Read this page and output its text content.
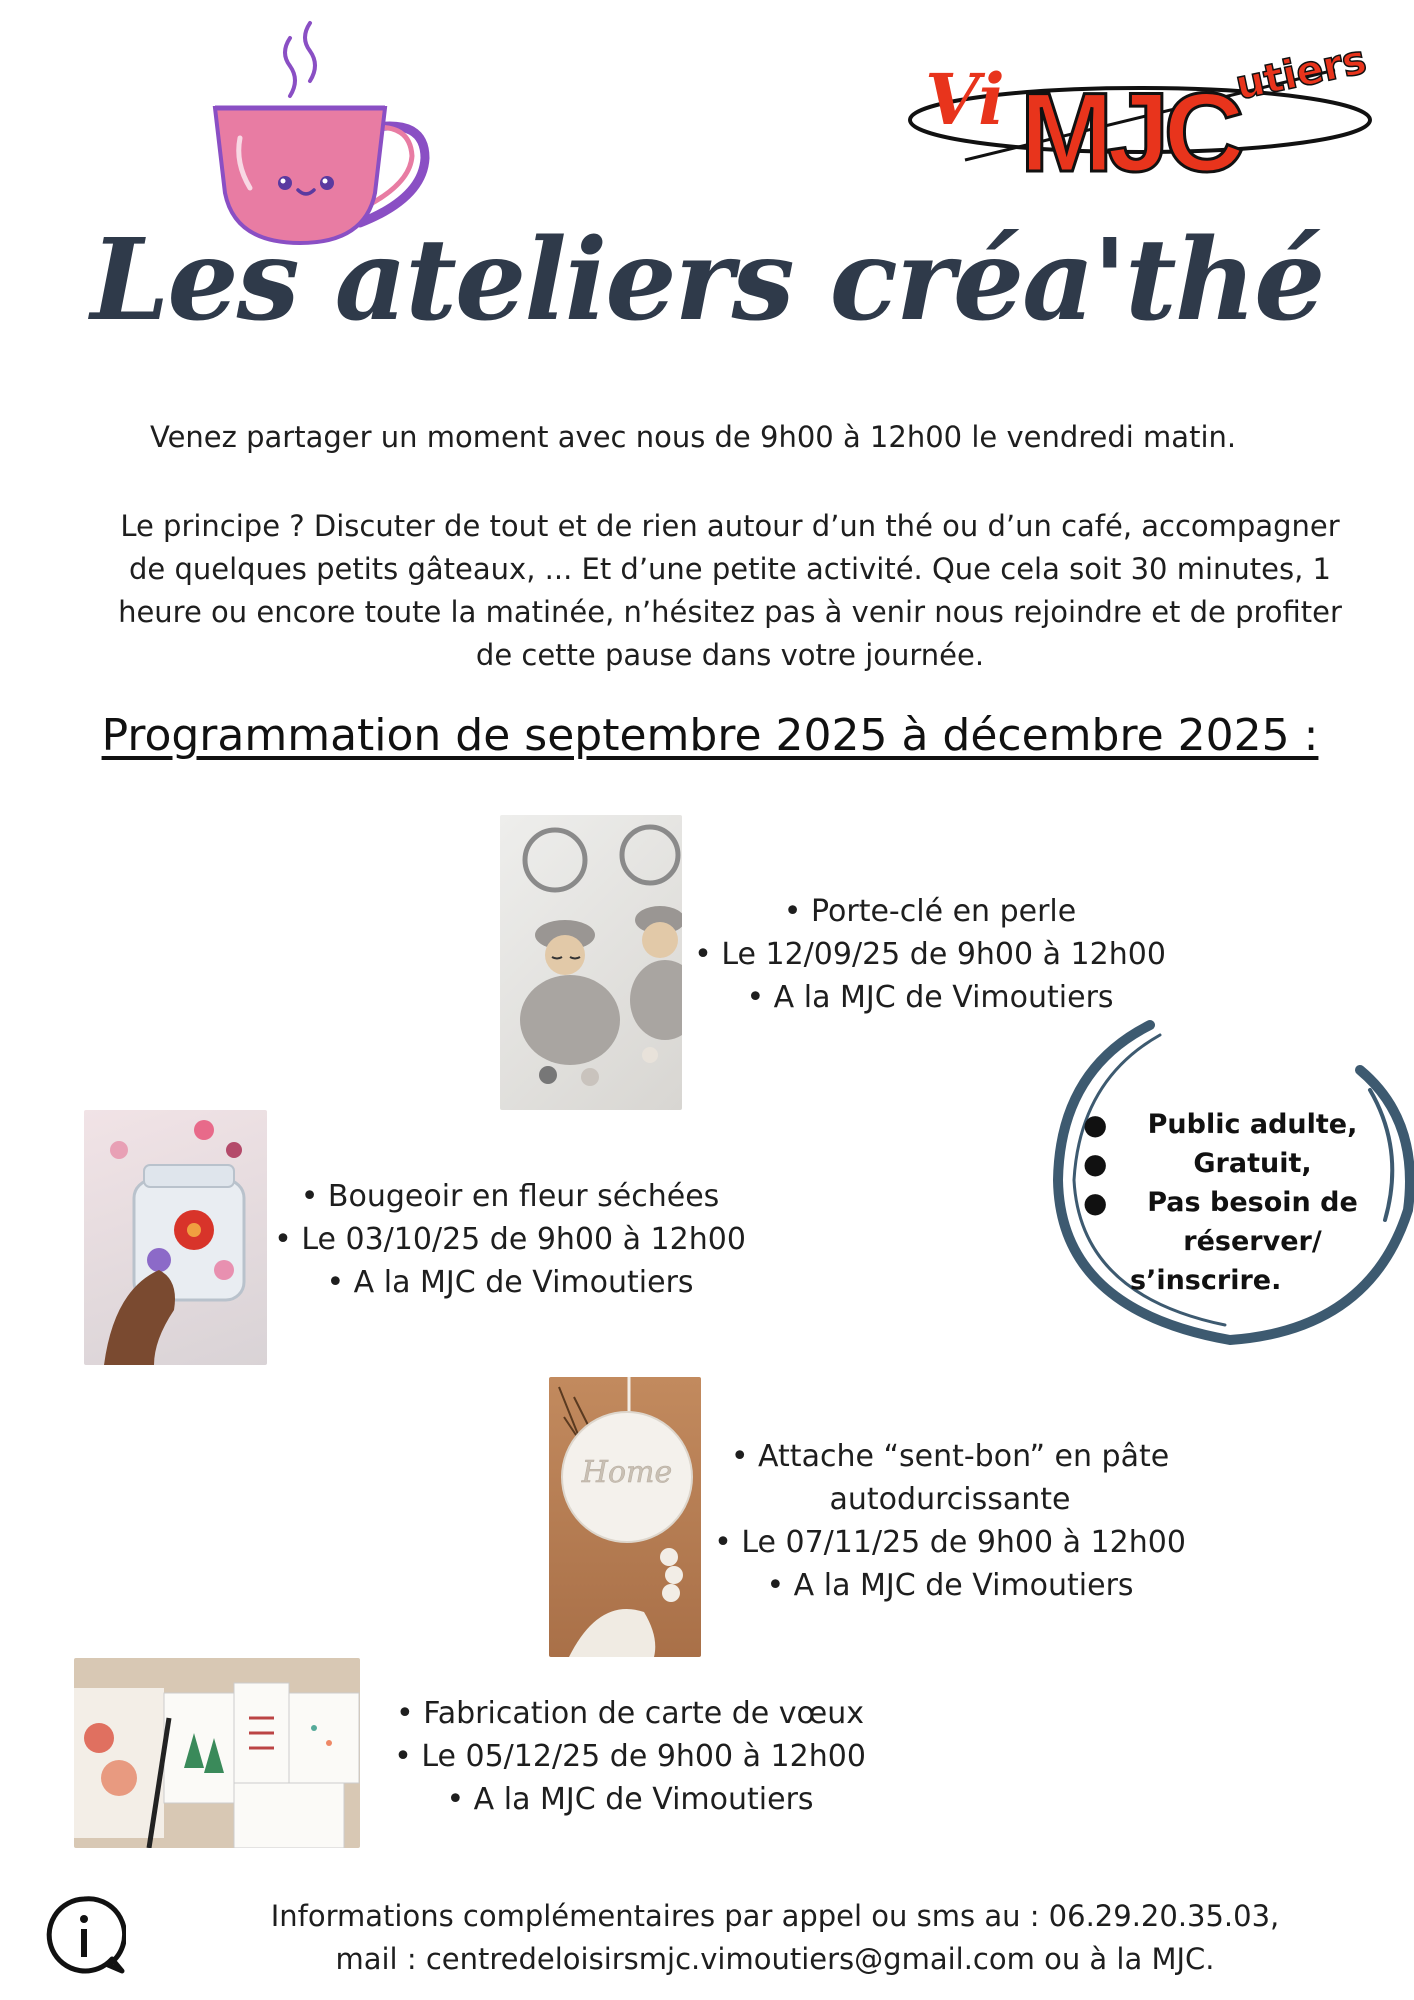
Vi MJC
utiers
Les ateliers créa'thé
Venez partager un moment avec nous de 9h00 à 12h00 le vendredi matin.
Le principe ? Discuter de tout et de rien autour d’un thé ou d’un café, accompagner de quelques petits gâteaux, ... Et d’une petite activité. Que cela soit 30 minutes, 1 heure ou encore toute la matinée, n’hésitez pas à venir nous rejoindre et de profiter de cette pause dans votre journée.
Programmation de septembre 2025 à décembre 2025 :
• Porte-clé en perle
• Le 12/09/25 de 9h00 à 12h00
• A la MJC de Vimoutiers
• Bougeoir en fleur séchées
• Le 03/10/25 de 9h00 à 12h00
• A la MJC de Vimoutiers
●
●
●
Public adulte,
Gratuit,
Pas besoin de
réserver/
s’inscrire.
Home	• Attache “sent-bon” en pâte
autodurcissante
• Le 07/11/25 de 9h00 à 12h00
• A la MJC de Vimoutiers
• Fabrication de carte de vœux
• Le 05/12/25 de 9h00 à 12h00
• A la MJC de Vimoutiers
Informations complémentaires par appel ou sms au : 06.29.20.35.03,
mail : centredeloisirsmjc.vimoutiers@gmail.com ou à la MJC.
